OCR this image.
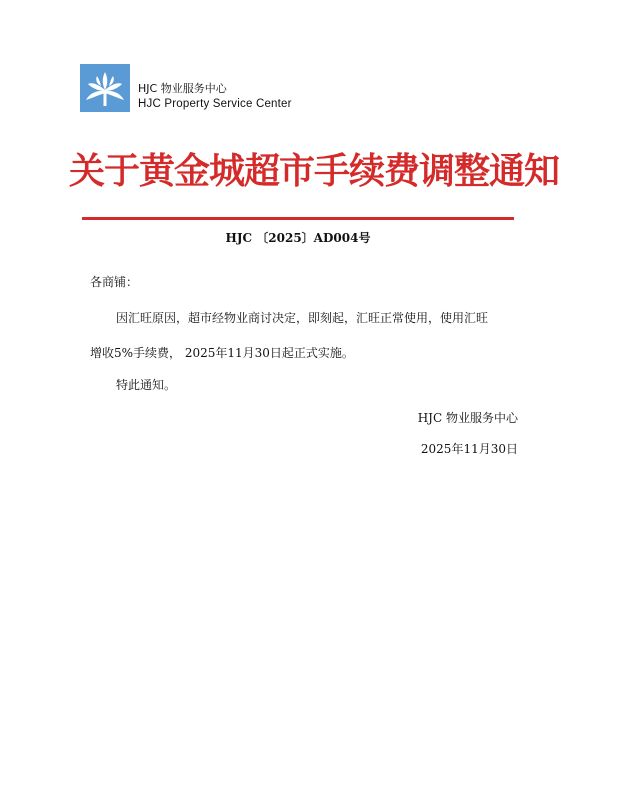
HJC 物业服务中心
HJC Property Service Center
关于黄金城超市手续费调整通知
HJC 〔2025〕AD004号
各商铺：
因汇旺原因，超市经物业商讨决定，即刻起，汇旺正常使用，使用汇旺
增收5%手续费， 2025年11月30日起正式实施。
特此通知。
HJC 物业服务中心
2025年11月30日
